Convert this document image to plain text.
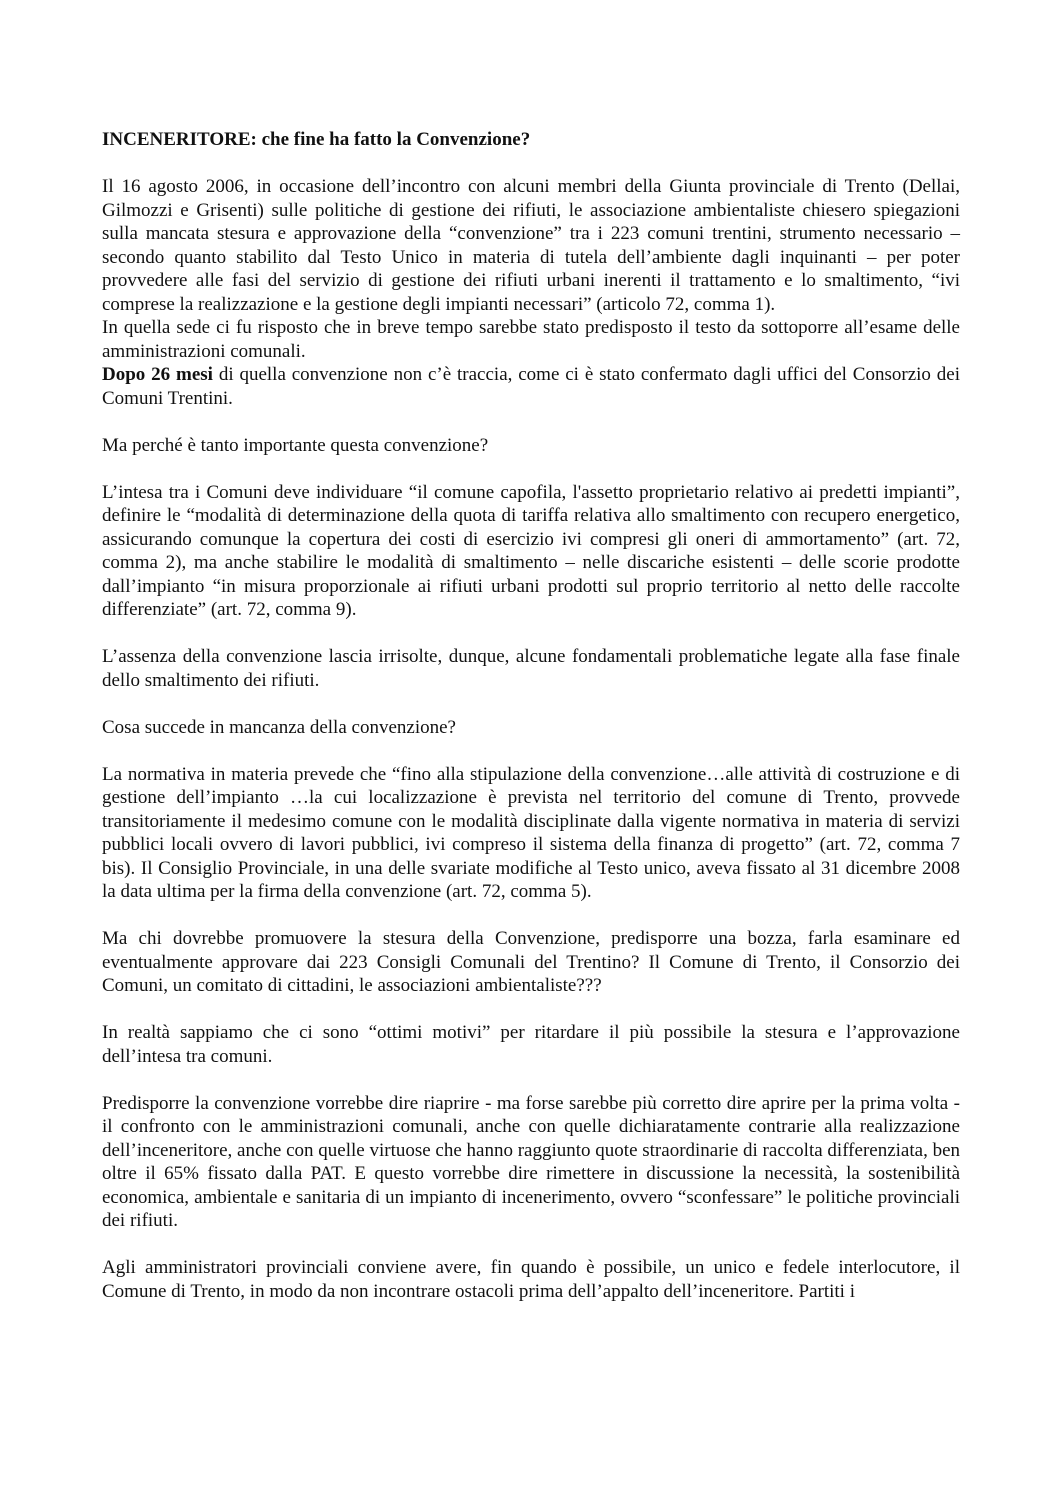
INCENERITORE: che fine ha fatto la Convenzione?

Il 16 agosto 2006, in occasione dell’incontro con alcuni membri della Giunta provinciale di Trento (Dellai, Gilmozzi e Grisenti) sulle politiche di gestione dei rifiuti, le associazione ambientaliste chiesero spiegazioni sulla mancata stesura e approvazione della “convenzione” tra i 223 comuni trentini, strumento necessario – secondo quanto stabilito dal Testo Unico in materia di tutela dell’ambiente dagli inquinanti – per poter provvedere alle fasi del servizio di gestione dei rifiuti urbani inerenti il trattamento e lo smaltimento, “ivi comprese la realizzazione e la gestione degli impianti necessari” (articolo 72, comma 1).

In quella sede ci fu risposto che in breve tempo sarebbe stato predisposto il testo da sottoporre all’esame delle amministrazioni comunali.

Dopo 26 mesi di quella convenzione non c’è traccia, come ci è stato confermato dagli uffici del Consorzio dei Comuni Trentini.

Ma perché è tanto importante questa convenzione?

L’intesa tra i Comuni deve individuare “il comune capofila, l'assetto proprietario relativo ai predetti impianti”, definire le “modalità di determinazione della quota di tariffa relativa allo smaltimento con recupero energetico, assicurando comunque la copertura dei costi di esercizio ivi compresi gli oneri di ammortamento” (art. 72, comma 2), ma anche stabilire le modalità di smaltimento – nelle discariche esistenti – delle scorie prodotte dall’impianto “in misura proporzionale ai rifiuti urbani prodotti sul proprio territorio al netto delle raccolte differenziate” (art. 72, comma 9).

L’assenza della convenzione lascia irrisolte, dunque, alcune fondamentali problematiche legate alla fase finale dello smaltimento dei rifiuti.

Cosa succede in mancanza della convenzione?

La normativa in materia prevede che “fino alla stipulazione della convenzione…alle attività di costruzione e di gestione dell’impianto …la cui localizzazione è prevista nel territorio del comune di Trento, provvede transitoriamente il medesimo comune con le modalità disciplinate dalla vigente normativa in materia di servizi pubblici locali ovvero di lavori pubblici, ivi compreso il sistema della finanza di progetto” (art. 72, comma 7 bis). Il Consiglio Provinciale, in una delle svariate modifiche al Testo unico, aveva fissato al 31 dicembre 2008 la data ultima per la firma della convenzione (art. 72, comma 5).

Ma chi dovrebbe promuovere la stesura della Convenzione, predisporre una bozza, farla esaminare ed eventualmente approvare dai 223 Consigli Comunali del Trentino? Il Comune di Trento, il Consorzio dei Comuni, un comitato di cittadini, le associazioni ambientaliste???

In realtà sappiamo che ci sono “ottimi motivi” per ritardare il più possibile la stesura e l’approvazione dell’intesa tra comuni.

Predisporre la convenzione vorrebbe dire riaprire - ma forse sarebbe più corretto dire aprire per la prima volta - il confronto con le amministrazioni comunali, anche con quelle dichiaratamente contrarie alla realizzazione dell’inceneritore, anche con quelle virtuose che hanno raggiunto quote straordinarie di raccolta differenziata, ben oltre il 65% fissato dalla PAT. E questo vorrebbe dire rimettere in discussione la necessità, la sostenibilità economica, ambientale e sanitaria di un impianto di incenerimento, ovvero “sconfessare” le politiche provinciali dei rifiuti.

Agli amministratori provinciali conviene avere, fin quando è possibile, un unico e fedele interlocutore, il Comune di Trento, in modo da non incontrare ostacoli prima dell’appalto dell’inceneritore. Partiti i
